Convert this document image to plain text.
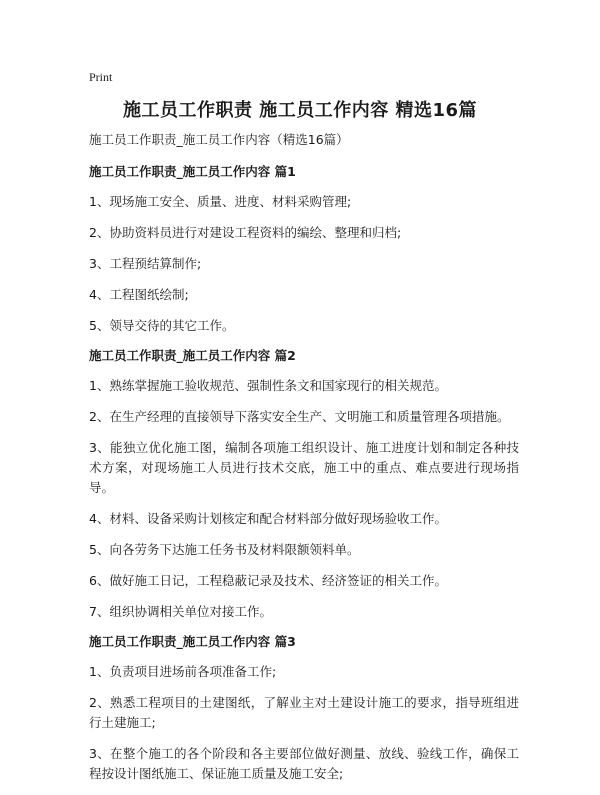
Print
施工员工作职责 施工员工作内容 精选16篇

施工员工作职责_施工员工作内容（精选16篇）

施工员工作职责_施工员工作内容 篇1

1、现场施工安全、质量、进度、材料采购管理;

2、协助资料员进行对建设工程资料的编绘、整理和归档;

3、工程预结算制作;

4、工程图纸绘制;

5、领导交待的其它工作。

施工员工作职责_施工员工作内容 篇2

1、熟练掌握施工验收规范、强制性条文和国家现行的相关规范。

2、在生产经理的直接领导下落实安全生产、文明施工和质量管理各项措施。

3、能独立优化施工图，编制各项施工组织设计、施工进度计划和制定各种技术方案，对现场施工人员进行技术交底，施工中的重点、难点要进行现场指导。

4、材料、设备采购计划核定和配合材料部分做好现场验收工作。

5、向各劳务下达施工任务书及材料限额领料单。

6、做好施工日记，工程稳蔽记录及技术、经济签证的相关工作。

7、组织协调相关单位对接工作。

施工员工作职责_施工员工作内容 篇3

1、负责项目进场前各项准备工作;

2、熟悉工程项目的土建图纸，了解业主对土建设计施工的要求，指导班组进行土建施工;

3、在整个施工的各个阶段和各主要部位做好测量、放线、验线工作，确保工程按设计图纸施工、保证施工质量及施工安全;
